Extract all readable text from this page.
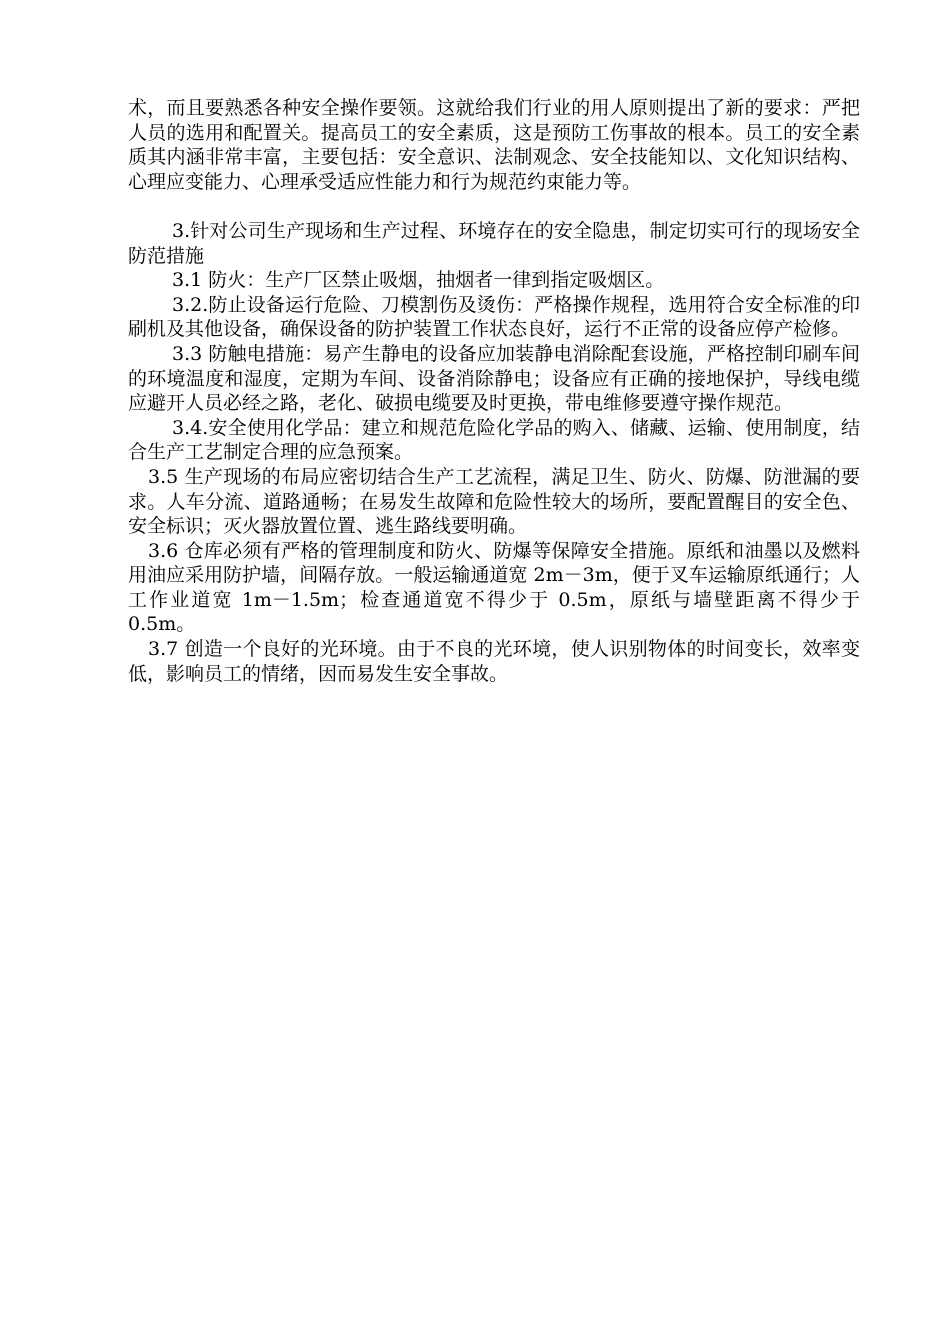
术，而且要熟悉各种安全操作要领。这就给我们行业的用人原则提出了新的要求：严把人员的选用和配置关。提高员工的安全素质，这是预防工伤事故的根本。员工的安全素质其内涵非常丰富，主要包括：安全意识、法制观念、安全技能知以、文化知识结构、心理应变能力、心理承受适应性能力和行为规范约束能力等。

3.针对公司生产现场和生产过程、环境存在的安全隐患，制定切实可行的现场安全防范措施

3.1 防火：生产厂区禁止吸烟，抽烟者一律到指定吸烟区。

3.2.防止设备运行危险、刀模割伤及烫伤：严格操作规程，选用符合安全标准的印刷机及其他设备，确保设备的防护装置工作状态良好，运行不正常的设备应停产检修。

3.3 防触电措施：易产生静电的设备应加装静电消除配套设施，严格控制印刷车间的环境温度和湿度，定期为车间、设备消除静电；设备应有正确的接地保护，导线电缆应避开人员必经之路，老化、破损电缆要及时更换，带电维修要遵守操作规范。

3.4.安全使用化学品：建立和规范危险化学品的购入、储藏、运输、使用制度，结合生产工艺制定合理的应急预案。

3.5 生产现场的布局应密切结合生产工艺流程，满足卫生、防火、防爆、防泄漏的要求。人车分流、道路通畅；在易发生故障和危险性较大的场所，要配置醒目的安全色、安全标识；灭火器放置位置、逃生路线要明确。

3.6 仓库必须有严格的管理制度和防火、防爆等保障安全措施。原纸和油墨以及燃料用油应采用防护墙，间隔存放。一般运输通道宽 2m－3m，便于叉车运输原纸通行；人工作业道宽 1m－1.5m；检查通道宽不得少于 0.5m，原纸与墙壁距离不得少于 0.5m。

3.7 创造一个良好的光环境。由于不良的光环境，使人识别物体的时间变长，效率变低，影响员工的情绪，因而易发生安全事故。
